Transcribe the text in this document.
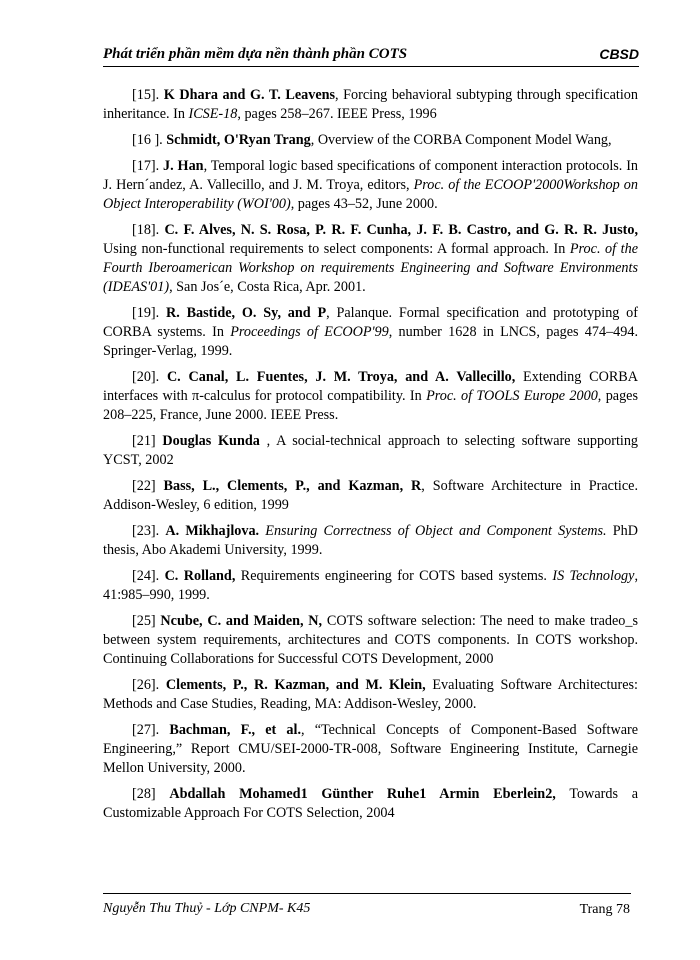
Phát triển phần mềm dựa nền thành phần COTS	CBSD

[15]. K Dhara and G. T. Leavens, Forcing behavioral subtyping through specification inheritance. In ICSE-18, pages 258–267. IEEE Press, 1996

[16 ]. Schmidt, O'Ryan Trang, Overview of the CORBA Component Model Wang,

[17]. J. Han, Temporal logic based specifications of component interaction protocols. In J. Hern´andez, A. Vallecillo, and J. M. Troya, editors, Proc. of the ECOOP'2000Workshop on Object Interoperability (WOI'00), pages 43–52, June 2000.

[18]. C. F. Alves, N. S. Rosa, P. R. F. Cunha, J. F. B. Castro, and G. R. R. Justo, Using non-functional requirements to select components: A formal approach. In Proc. of the Fourth Iberoamerican Workshop on requirements Engineering and Software Environments (IDEAS'01), San Jos´e, Costa Rica, Apr. 2001.

[19]. R. Bastide, O. Sy, and P, Palanque. Formal specification and prototyping of CORBA systems. In Proceedings of ECOOP'99, number 1628 in LNCS, pages 474–494. Springer-Verlag, 1999.

[20]. C. Canal, L. Fuentes, J. M. Troya, and A. Vallecillo, Extending CORBA interfaces with π-calculus for protocol compatibility. In Proc. of TOOLS Europe 2000, pages 208–225, France, June 2000. IEEE Press.

[21] Douglas Kunda , A social-technical approach to selecting software supporting YCST, 2002

[22] Bass, L., Clements, P., and Kazman, R, Software Architecture in Practice. Addison-Wesley, 6 edition, 1999

[23]. A. Mikhajlova. Ensuring Correctness of Object and Component Systems. PhD thesis, Abo Akademi University, 1999.

[24]. C. Rolland, Requirements engineering for COTS based systems. IS Technology, 41:985–990, 1999.

[25] Ncube, C. and Maiden, N, COTS software selection: The need to make tradeo_s between system requirements, architectures and COTS components. In COTS workshop. Continuing Collaborations for Successful COTS Development, 2000

[26]. Clements, P., R. Kazman, and M. Klein, Evaluating Software Architectures: Methods and Case Studies, Reading, MA: Addison-Wesley, 2000.

[27]. Bachman, F., et al., “Technical Concepts of Component-Based Software Engineering,” Report CMU/SEI-2000-TR-008, Software Engineering Institute, Carnegie Mellon University, 2000.

[28] Abdallah Mohamed1 Günther Ruhe1 Armin Eberlein2, Towards a Customizable Approach For COTS Selection, 2004

Nguyễn Thu Thuỷ - Lớp CNPM- K45	Trang 78
